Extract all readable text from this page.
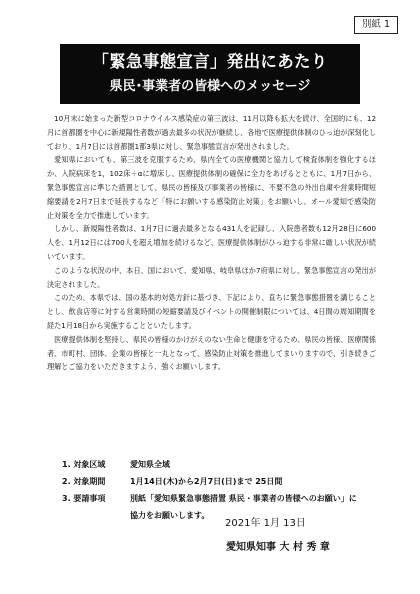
別紙 1
「緊急事態宣言」発出にあたり
県民･事業者の皆様へのメッセージ

10月末に始まった新型コロナウイルス感染症の第三波は、11月以降も拡大を続け、全国的にも、12月に首都圏を中心に新規陽性者数が過去最多の状況が継続し、各地で医療提供体制のひっ迫が深刻化しており、1月7日には首都圏1都3県に対し、緊急事態宣言が発出されました。

愛知県においても、第三波を克服するため、県内全ての医療機関と協力して検査体制を強化するほか、入院病床を1，102床＋αに増床し、医療提供体制の確保に全力をあげるとともに、1月7日から、緊急事態宣言に準じた措置として、県民の皆様及び事業者の皆様に、不要不急の外出自粛や営業時間短縮要請を2月7日まで延長するなど「特にお願いする感染防止対策」をお願いし、オール愛知で感染防止対策を全力で推進しています。

しかし、新規陽性者数は、1月7日に過去最多となる431人を記録し、入院患者数も12月28日に600人を、1月12日には700人を超え増加を続けるなど、医療提供体制がひっ迫する非常に厳しい状況が続いています。

このような状況の中、本日、国において、愛知県、岐阜県ほか7府県に対し、緊急事態宣言の発出が決定されました。

このため、本県では、国の基本的対処方針に基づき、下記により、直ちに緊急事態措置を講じることとし、飲食店等に対する営業時間の短縮要請及びイベントの開催制限については、4日間の周知期間を経た1月18日から実施することといたします。

医療提供体制を堅持し、県民の皆様のかけがえのない生命と健康を守るため、県民の皆様、医療関係者、市町村、団体、企業の皆様と一丸となって、感染防止対策を推進してまいりますので、引き続きご理解とご協力をいただきますよう、強くお願いします。

1. 対象区域	愛知県全域
2. 対象期間	1月14日(木)から2月7日(日)まで 25日間
3. 要請事項	別紙「愛知県緊急事態措置 県民・事業者の皆様へのお願い」に
協力をお願いします。
2021年 1月 13日
愛知県知事 大 村 秀 章
